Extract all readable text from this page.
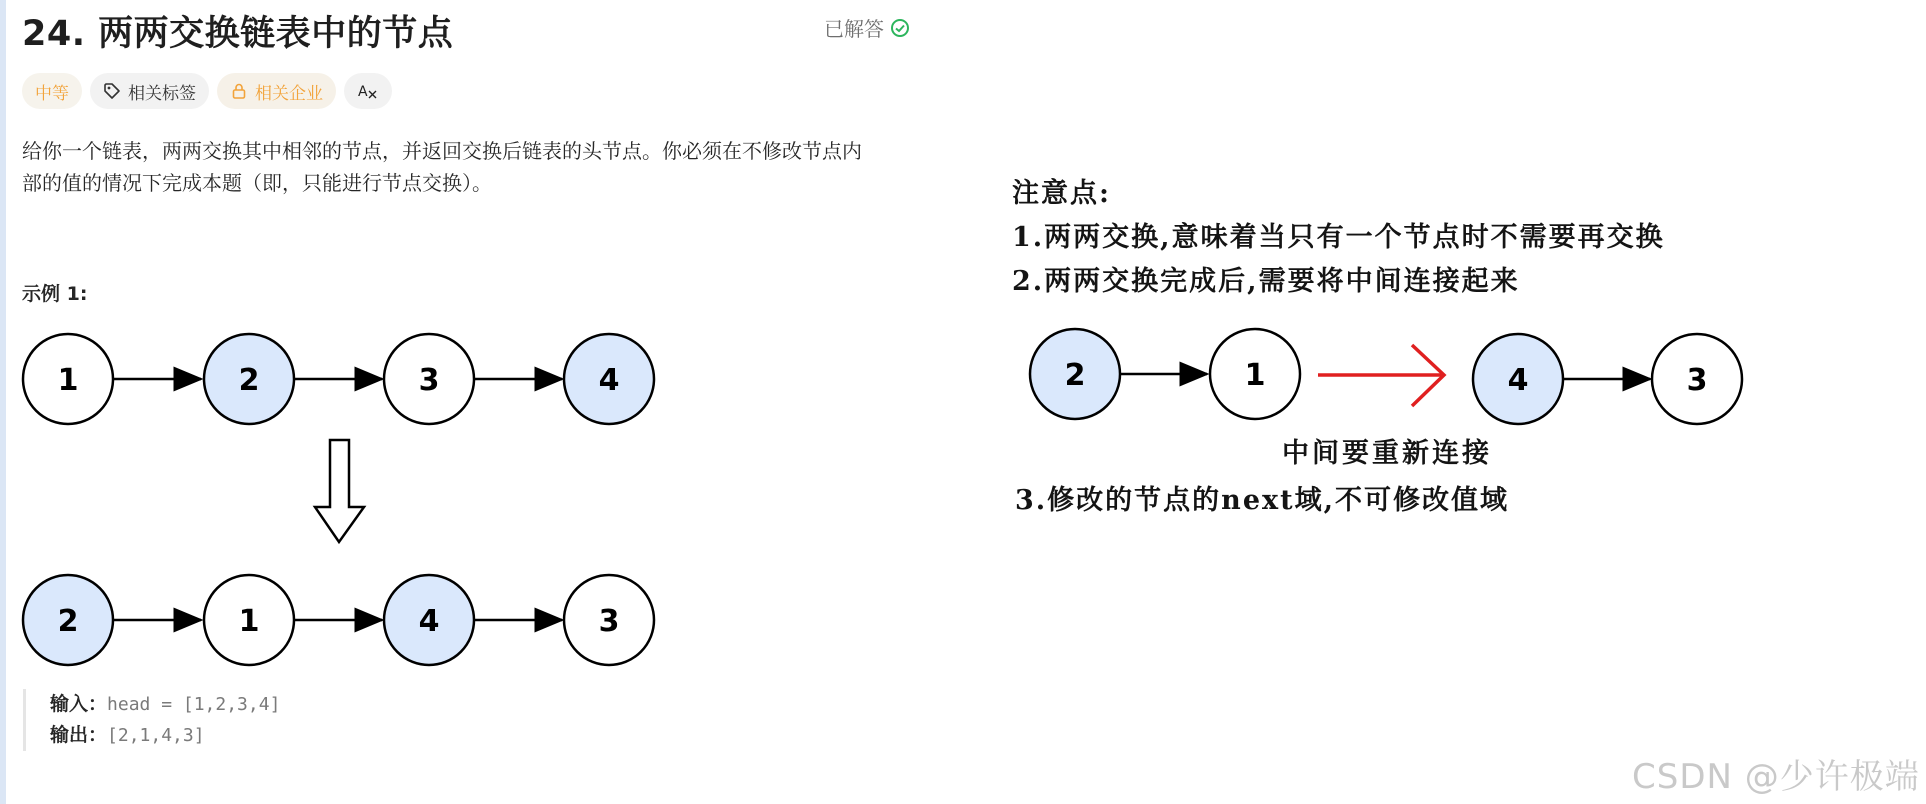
24. 两两交换链表中的节点	已解答
中等	相关标签	相关企业	A
给你一个链表，两两交换其中相邻的节点，并返回交换后链表的头节点。你必须在不修改节点内
部的值的情况下完成本题（即，只能进行节点交换）。
示例 1:
1	2	3	4
2	1	4	3
2	1	4	3
输入：head = [1,2,3,4]
输出：[2,1,4,3]
注意点:
1.两两交换,意味着当只有一个节点时不需要再交换
2.两两交换完成后,需要将中间连接起来
中间要重新连接
3.修改的节点的next域,不可修改值域
CSDN @少许极端
